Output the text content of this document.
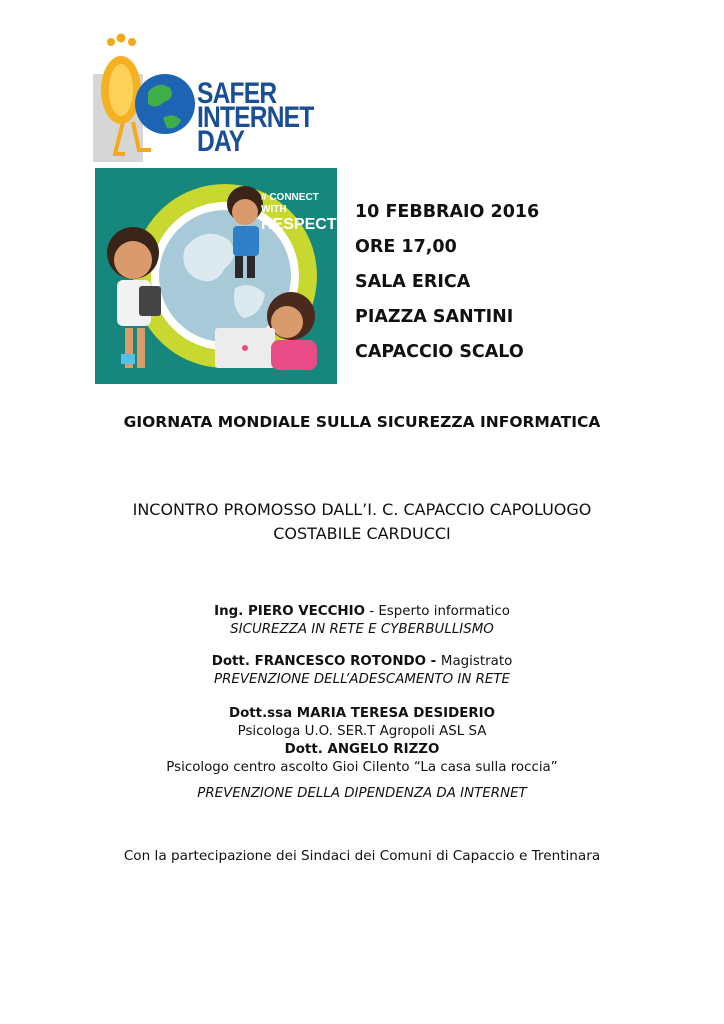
SAFER
INTERNET
DAY
# CONNECT WITH
RESPECT
10 FEBBRAIO 2016
ORE 17,00
SALA ERICA
PIAZZA SANTINI
CAPACCIO SCALO
GIORNATA MONDIALE SULLA SICUREZZA INFORMATICA
INCONTRO PROMOSSO DALL’I. C. CAPACCIO CAPOLUOGO
COSTABILE CARDUCCI
Ing. PIERO VECCHIO - Esperto informatico
SICUREZZA IN RETE E CYBERBULLISMO
Dott. FRANCESCO ROTONDO - Magistrato
PREVENZIONE DELL’ADESCAMENTO IN RETE
Dott.ssa MARIA TERESA DESIDERIO
Psicologa U.O. SER.T Agropoli ASL SA
Dott. ANGELO RIZZO
Psicologo centro ascolto Gioi Cilento “La casa sulla roccia”
PREVENZIONE DELLA DIPENDENZA DA INTERNET
Con la partecipazione dei Sindaci dei Comuni di Capaccio e Trentinara
